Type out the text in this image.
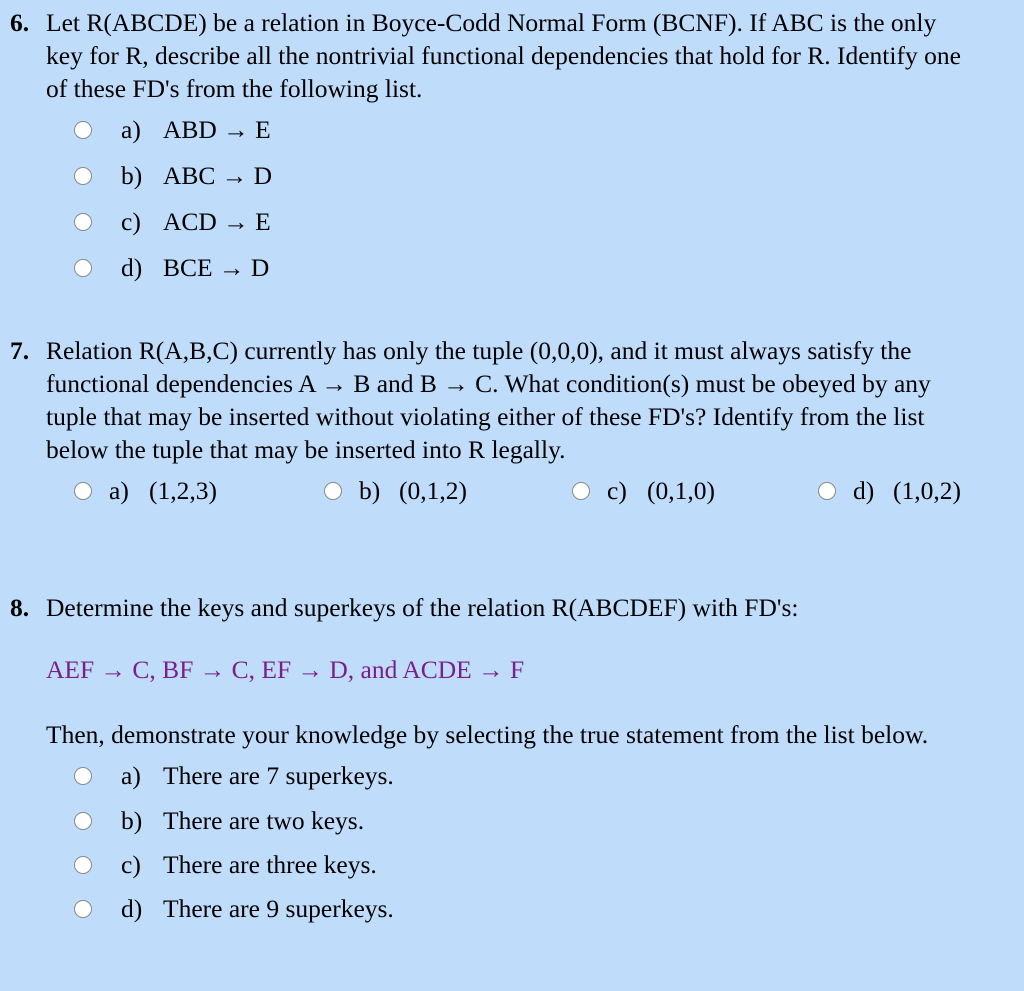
6. Let R(ABCDE) be a relation in Boyce-Codd Normal Form (BCNF). If ABC is the only key for R, describe all the nontrivial functional dependencies that hold for R. Identify one of these FD's from the following list.
a) ABD → E
b) ABC → D
c) ACD → E
d) BCE → D
7. Relation R(A,B,C) currently has only the tuple (0,0,0), and it must always satisfy the functional dependencies A → B and B → C. What condition(s) must be obeyed by any tuple that may be inserted without violating either of these FD's? Identify from the list below the tuple that may be inserted into R legally.
a) (1,2,3)	b) (0,1,2)	c) (0,1,0)	d) (1,0,2)
8. Determine the keys and superkeys of the relation R(ABCDEF) with FD's:
AEF → C, BF → C, EF → D, and ACDE → F
Then, demonstrate your knowledge by selecting the true statement from the list below.
a) There are 7 superkeys.
b) There are two keys.
c) There are three keys.
d) There are 9 superkeys.
